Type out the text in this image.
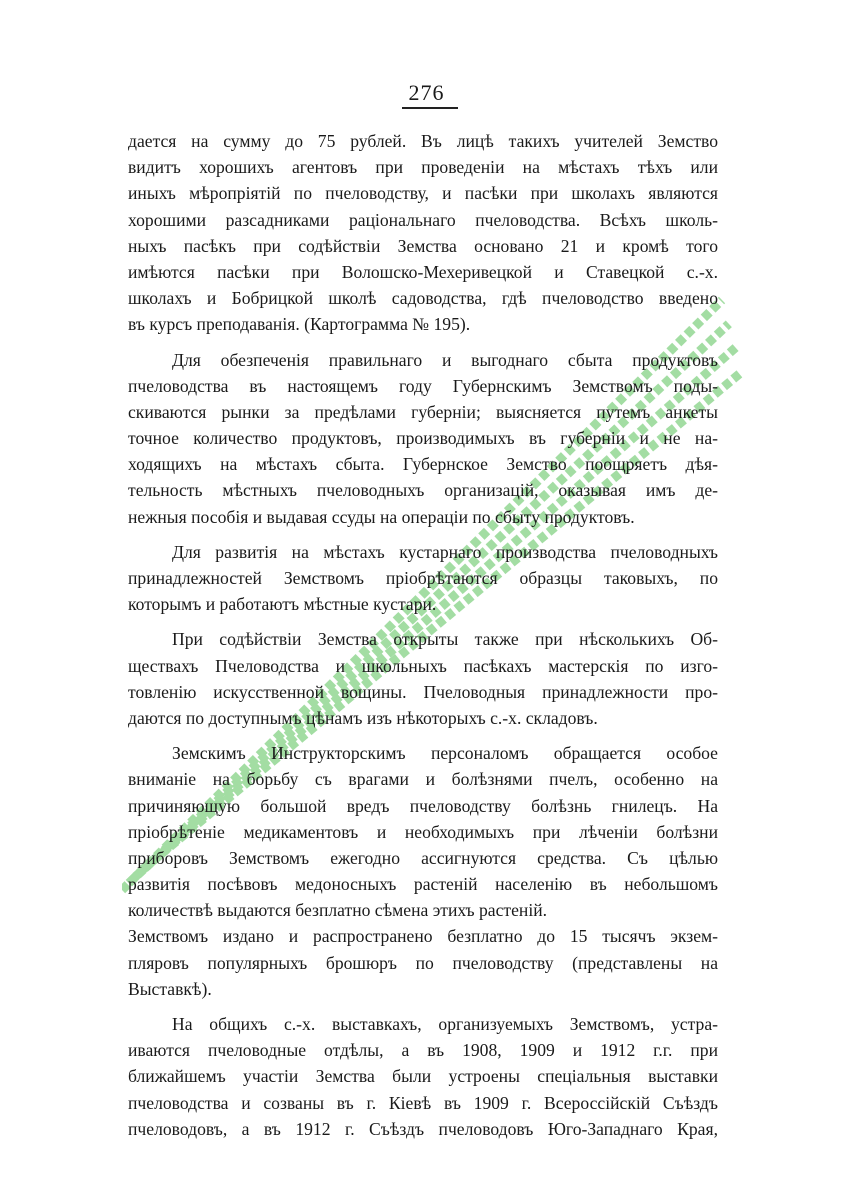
276
дается на сумму до 75 рублей. Въ лицѣ такихъ учителей Земство
видитъ хорошихъ агентовъ при проведенiи на мѣстахъ тѣхъ или
иныхъ мѣропрiятiй по пчеловодству, и пасѣки при школахъ являются
хорошими разсадниками рацiональнаго пчеловодства. Всѣхъ школь-
ныхъ пасѣкъ при содѣйствiи Земства основано 21 и кромѣ того
имѣются пасѣки при Волошско-Мехеривецкой и Ставецкой с.-х.
школахъ и Бобрицкой школѣ садоводства, гдѣ пчеловодство введено
въ курсъ преподаванiя. (Картограмма № 195).
Для обезпеченiя правильнаго и выгоднаго сбыта продуктовъ
пчеловодства въ настоящемъ году Губернскимъ Земствомъ поды-
скиваются рынки за предѣлами губернiи; выясняется путемъ анкеты
точное количество продуктовъ, производимыхъ въ губернiи и не на-
ходящихъ на мѣстахъ сбыта. Губернское Земство поощряетъ дѣя-
тельность мѣстныхъ пчеловодныхъ организацiй, оказывая имъ де-
нежныя пособiя и выдавая ссуды на операцiи по сбыту продуктовъ.
Для развитiя на мѣстахъ кустарнаго производства пчеловодныхъ
принадлежностей Земствомъ прiобрѣтаются образцы таковыхъ, по
которымъ и работаютъ мѣстные кустари.
При содѣйствiи Земства открыты также при нѣсколькихъ Об-
ществахъ Пчеловодства и школьныхъ пасѣкахъ мастерскiя по изго-
товленiю искусственной вощины. Пчеловодныя принадлежности про-
даются по доступнымъ цѣнамъ изъ нѣкоторыхъ с.-х. складовъ.
Земскимъ Инструкторскимъ персоналомъ обращается особое
вниманiе на борьбу съ врагами и болѣзнями пчелъ, особенно на
причиняющую большой вредъ пчеловодству болѣзнь гнилецъ. На
прiобрѣтенiе медикаментовъ и необходимыхъ при лѣченiи болѣзни
приборовъ Земствомъ ежегодно ассигнуются средства. Съ цѣлью
развитiя посѣвовъ медоносныхъ растенiй населенiю въ небольшомъ
количествѣ выдаются безплатно сѣмена этихъ растенiй.
Земствомъ издано и распространено безплатно до 15 тысячъ экзем-
пляровъ популярныхъ брошюръ по пчеловодству (представлены на
Выставкѣ).
На общихъ с.-х. выставкахъ, организуемыхъ Земствомъ, устра-
иваются пчеловодные отдѣлы, а въ 1908, 1909 и 1912 г.г. при
ближайшемъ участiи Земства были устроены спецiальныя выставки
пчеловодства и созваны въ г. Кiевѣ въ 1909 г. Всероссiйскiй Съѣздъ
пчеловодовъ, а въ 1912 г. Съѣздъ пчеловодовъ Юго-Западнаго Края,
